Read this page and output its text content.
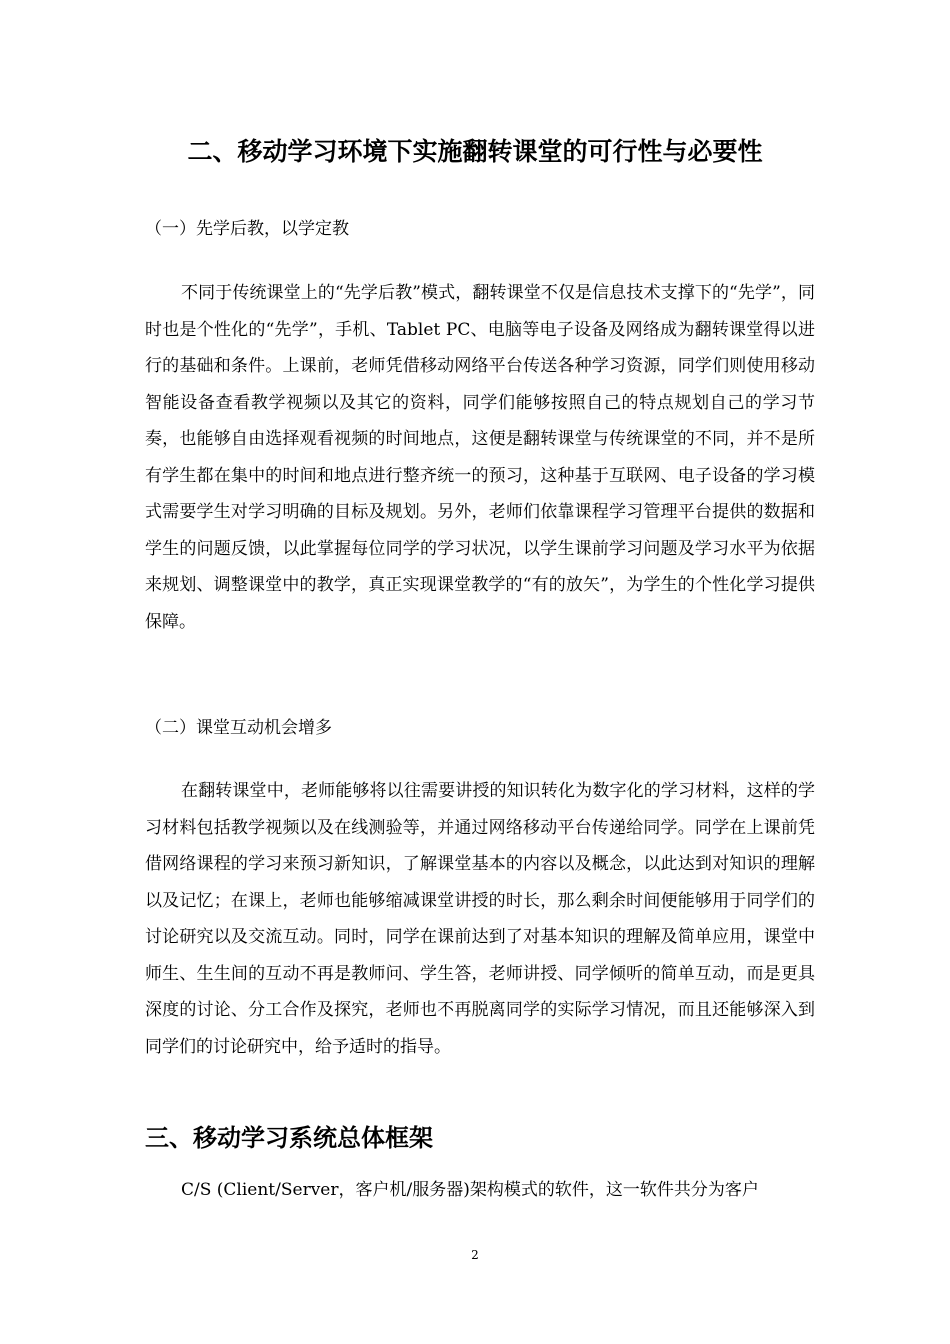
二、移动学习环境下实施翻转课堂的可行性与必要性

（一）先学后教，以学定教

不同于传统课堂上的“先学后教”模式，翻转课堂不仅是信息技术支撑下的“先学”，同时也是个性化的“先学”，手机、Tablet PC、电脑等电子设备及网络成为翻转课堂得以进行的基础和条件。上课前，老师凭借移动网络平台传送各种学习资源，同学们则使用移动智能设备查看教学视频以及其它的资料，同学们能够按照自己的特点规划自己的学习节奏，也能够自由选择观看视频的时间地点，这便是翻转课堂与传统课堂的不同，并不是所有学生都在集中的时间和地点进行整齐统一的预习，这种基于互联网、电子设备的学习模式需要学生对学习明确的目标及规划。另外，老师们依靠课程学习管理平台提供的数据和学生的问题反馈，以此掌握每位同学的学习状况，以学生课前学习问题及学习水平为依据来规划、调整课堂中的教学，真正实现课堂教学的“有的放矢”，为学生的个性化学习提供保障。

（二）课堂互动机会增多

在翻转课堂中，老师能够将以往需要讲授的知识转化为数字化的学习材料，这样的学习材料包括教学视频以及在线测验等，并通过网络移动平台传递给同学。同学在上课前凭借网络课程的学习来预习新知识，了解课堂基本的内容以及概念，以此达到对知识的理解以及记忆；在课上，老师也能够缩减课堂讲授的时长，那么剩余时间便能够用于同学们的讨论研究以及交流互动。同时，同学在课前达到了对基本知识的理解及简单应用，课堂中师生、生生间的互动不再是教师问、学生答，老师讲授、同学倾听的简单互动，而是更具深度的讨论、分工合作及探究，老师也不再脱离同学的实际学习情况，而且还能够深入到同学们的讨论研究中，给予适时的指导。

三、移动学习系统总体框架

C/S (Client/Server，客户机/服务器)架构模式的软件，这一软件共分为客户

2
